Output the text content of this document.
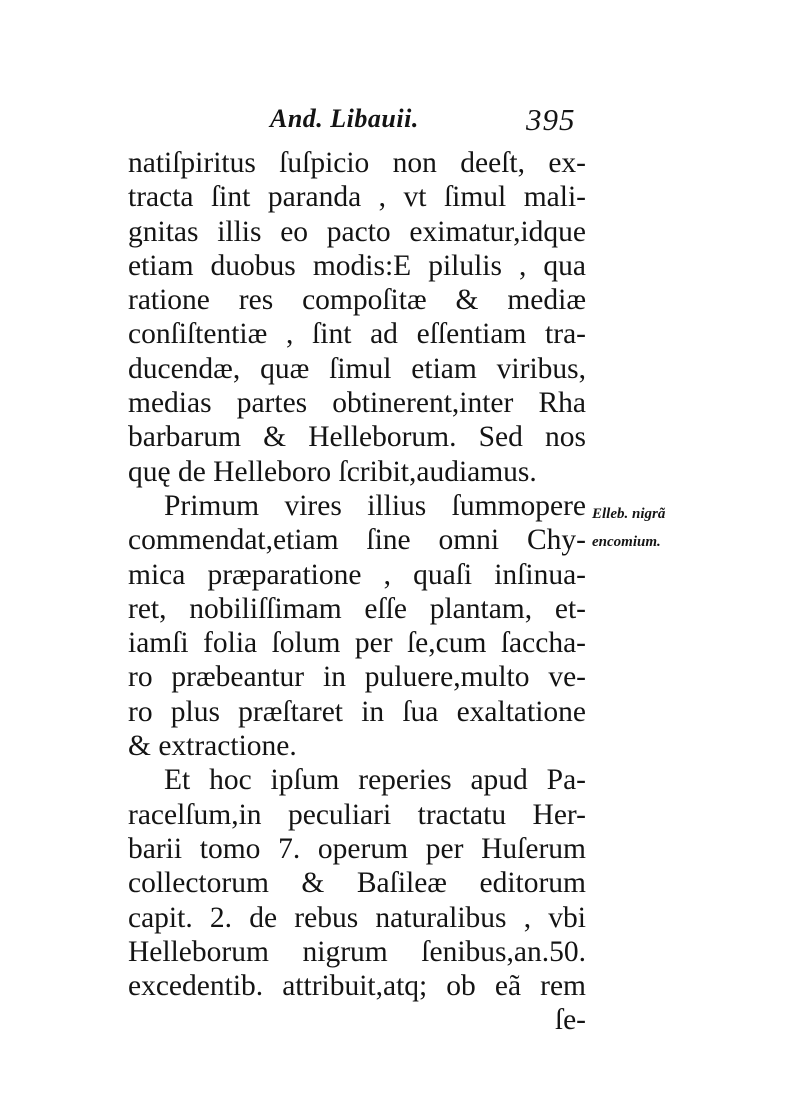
And. Libauii.	395
natiſpiritus ſuſpicio non deeſt, ex-
tracta ſint paranda , vt ſimul mali-
gnitas illis eo pacto eximatur,idque
etiam duobus modis:E pilulis , qua
ratione res compoſitæ & mediæ
conſiſtentiæ , ſint ad eſſentiam tra-
ducendæ, quæ ſimul etiam viribus,
medias partes obtinerent,inter Rha
barbarum & Helleborum. Sed nos
quę de Helleboro ſcribit,audiamus.
Primum vires illius ſummopere
commendat,etiam ſine omni Chy-
mica præparatione , quaſi inſinua-
ret, nobiliſſimam eſſe plantam, et-
iamſi folia ſolum per ſe,cum ſaccha-
ro præbeantur in puluere,multo ve-
ro plus præſtaret in ſua exaltatione
& extractione.
Et hoc ipſum reperies apud Pa-
racelſum,in peculiari tractatu Her-
barii tomo 7. operum per Huſerum
collectorum & Baſileæ editorum
capit. 2. de rebus naturalibus , vbi
Helleborum nigrum ſenibus,an.50.
excedentib. attribuit,atq; ob eã rem
ſe-
Elleb. nigrã
encomium.
